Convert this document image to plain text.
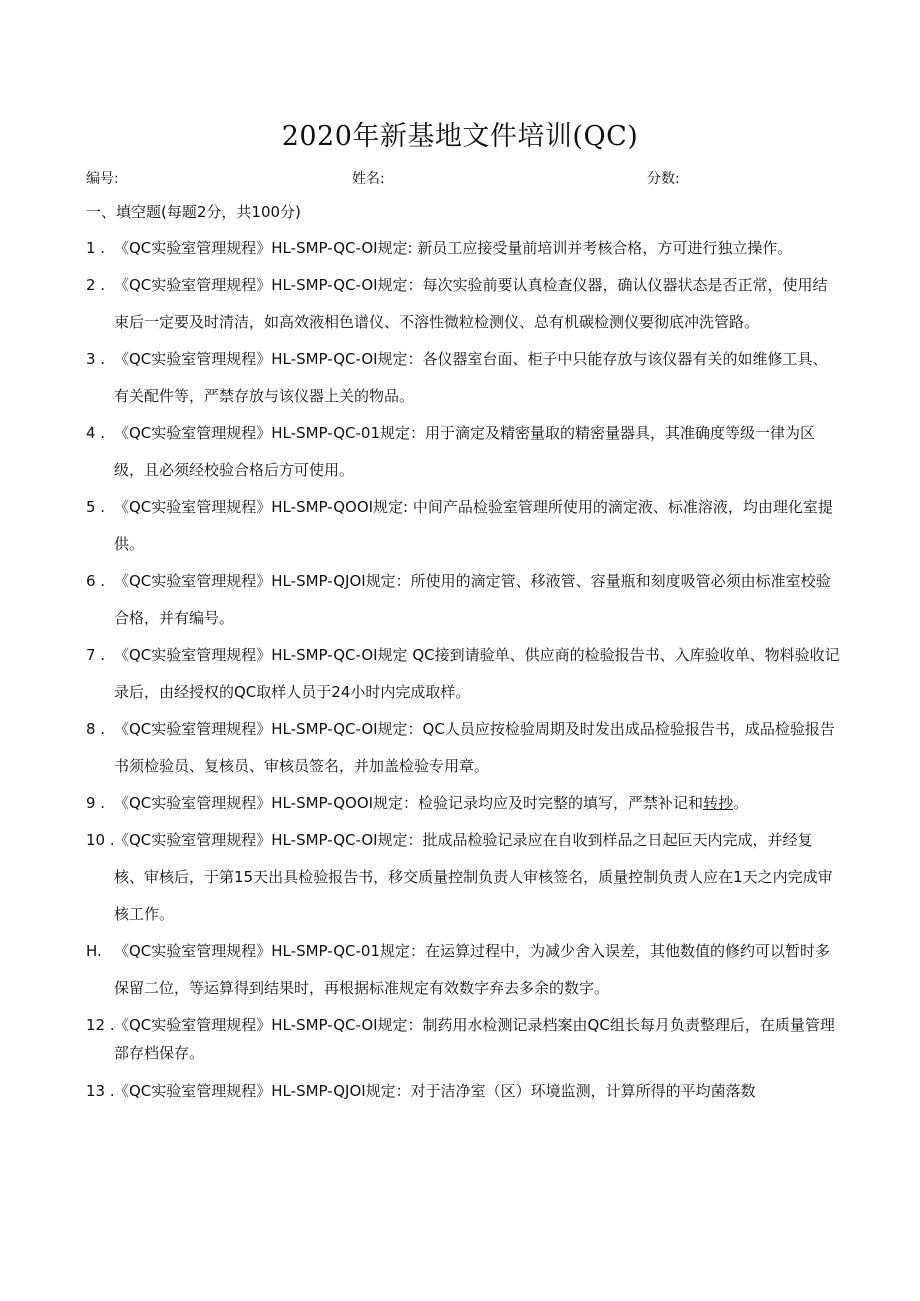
2020年新基地文件培训(QC)
编号:	姓名:	分数:
一、填空题(每题2分，共100分)

1 . 《QC实验室管理规程》HL-SMP-QC-OI规定: 新员工应接受量前培训并考核合格，方可进行独立操作。

2 . 《QC实验室管理规程》HL-SMP-QC-OI规定：每次实验前要认真检查仪器，确认仪器状态是否正常，使用结束后一定要及时清洁，如高效液相色谱仪、不溶性微粒检测仪、总有机碳检测仪要彻底冲洗管路。

3 . 《QC实验室管理规程》HL-SMP-QC-OI规定：各仪器室台面、柜子中只能存放与该仪器有关的如维修工具、有关配件等，严禁存放与该仪器上关的物品。

4 . 《QC实验室管理规程》HL-SMP-QC-01规定：用于滴定及精密量取的精密量器具，其准确度等级一律为区级，且必须经校验合格后方可使用。

5 . 《QC实验室管理规程》HL-SMP-QOOI规定: 中间产品检验室管理所使用的滴定液、标准溶液，均由理化室提供。

6 . 《QC实验室管理规程》HL-SMP-QJOI规定：所使用的滴定管、移液管、容量瓶和刻度吸管必须由标准室校验合格，并有编号。

7 . 《QC实验室管理规程》HL-SMP-QC-OI规定 QC接到请验单、供应商的检验报告书、入库验收单、物料验收记录后，由经授权的QC取样人员于24小时内完成取样。

8 . 《QC实验室管理规程》HL-SMP-QC-OI规定：QC人员应按检验周期及时发出成品检验报告书，成品检验报告书须检验员、复核员、审核员签名，并加盖检验专用章。

9 . 《QC实验室管理规程》HL-SMP-QOOI规定：检验记录均应及时完整的填写，严禁补记和转抄。

10 . 《QC实验室管理规程》HL-SMP-QC-OI规定：批成品检验记录应在自收到样品之日起叵天内完成，并经复核、审核后，于第15天出具检验报告书，移交质量控制负责人审核签名，质量控制负责人应在1天之内完成审核工作。

H. 《QC实验室管理规程》HL-SMP-QC-01规定：在运算过程中，为减少舍入误差，其他数值的修约可以暂时多保留二位，等运算得到结果时，再根据标准规定有效数字弃去多余的数字。

12 . 《QC实验室管理规程》HL-SMP-QC-OI规定：制药用水检测记录档案由QC组长每月负责整理后，在质量管理部存档保存。

13 . 《QC实验室管理规程》HL-SMP-QJOI规定：对于洁净室（区）环境监测，计算所得的平均菌落数
